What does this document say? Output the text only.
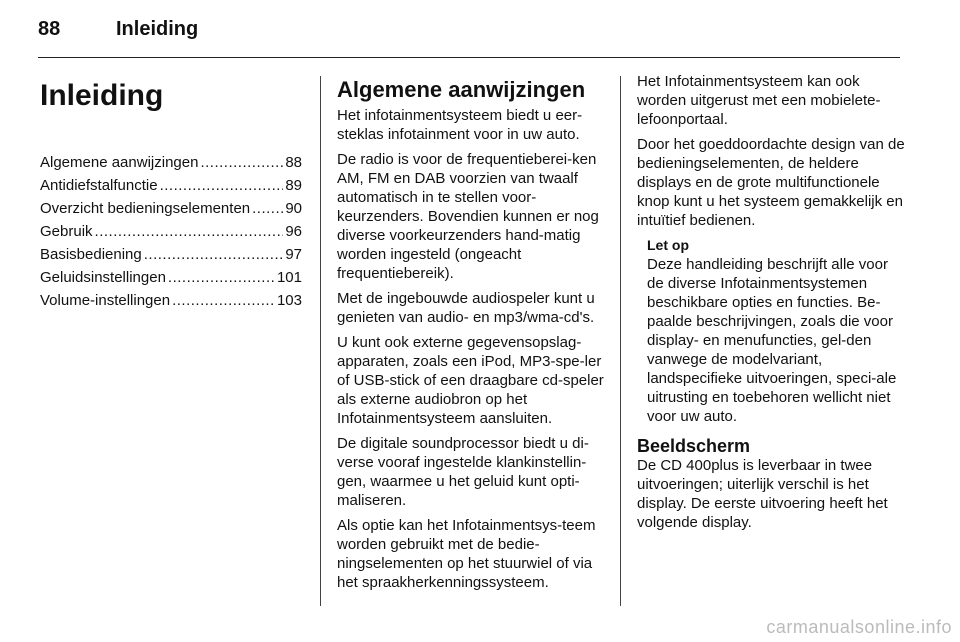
88	Inleiding
Inleiding
Algemene aanwijzingen .....	88
Antidiefstalfunctie .....	89
Overzicht bedieningselementen ..... 90
Gebruik .....	96
Basisbediening .....	97
Geluidsinstellingen .....	101
Volume-instellingen .....	103
Algemene aanwijzingen

Het infotainmentsysteem biedt u eer-steklas infotainment voor in uw auto.

De radio is voor de frequentieberei-ken AM, FM en DAB voorzien van twaalf automatisch in te stellen voor-keurzenders. Bovendien kunnen er nog diverse voorkeurzenders hand-matig worden ingesteld (ongeacht frequentiebereik).

Met de ingebouwde audiospeler kunt u genieten van audio- en mp3/wma-cd's.

U kunt ook externe gegevensopslag-apparaten, zoals een iPod, MP3-spe-ler of USB-stick of een draagbare cd-speler als externe audiobron op het Infotainmentsysteem aansluiten.

De digitale soundprocessor biedt u di-verse vooraf ingestelde klankinstellin-gen, waarmee u het geluid kunt opti-maliseren.

Als optie kan het Infotainmentsys-teem worden gebruikt met de bedie-ningselementen op het stuurwiel of via het spraakherkenningssysteem.

Het Infotainmentsysteem kan ook worden uitgerust met een mobielete-lefoonportaal.

Door het goeddoordachte design van de bedieningselementen, de heldere displays en de grote multifunctionele knop kunt u het systeem gemakkelijk en intuïtief bedienen.

Let op
Deze handleiding beschrijft alle voor de diverse Infotainmentsystemen beschikbare opties en functies. Be-paalde beschrijvingen, zoals die voor display- en menufuncties, gel-den vanwege de modelvariant, landspecifieke uitvoeringen, speci-ale uitrusting en toebehoren wellicht niet voor uw auto.
Beeldscherm

De CD 400plus is leverbaar in twee uitvoeringen; uiterlijk verschil is het display. De eerste uitvoering heeft het volgende display.

carmanualsonline.info
